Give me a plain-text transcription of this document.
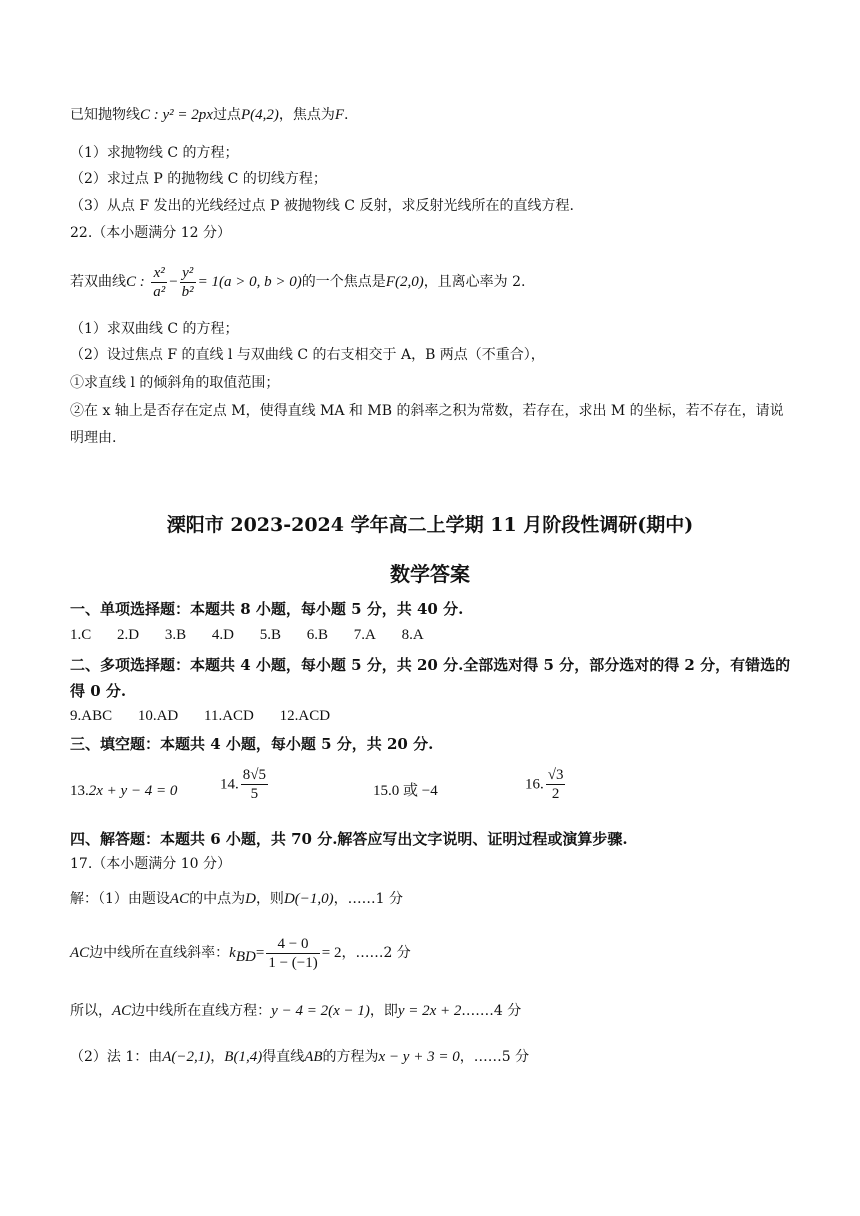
已知抛物线C : y² = 2px过点P(4,2)，焦点为F.
（1）求抛物线 C 的方程；
（2）求过点 P 的抛物线 C 的切线方程；
（3）从点 F 发出的光线经过点 P 被抛物线 C 反射，求反射光线所在的直线方程.
22.（本小题满分 12 分）
若双曲线C : $\frac{\text{x²}}{\text{a²}} - \frac{\text{y²}}{\text{b²}} = 1(a > 0$, b > 0)的一个焦点是F(2,0)，且离心率为 2.
（1）求双曲线 C 的方程；
（2）设过焦点 F 的直线 l 与双曲线 C 的右支相交于 A，B 两点（不重合），
①求直线 l 的倾斜角的取值范围；
②在 x 轴上是否存在定点 M，使得直线 MA 和 MB 的斜率之积为常数，若存在，求出 M 的坐标，若不存在，请说明理由.
溧阳市 2023-2024 学年高二上学期 11 月阶段性调研(期中)
数学答案
一、单项选择题：本题共 8 小题，每小题 5 分，共 40 分.
1.C 2.D 3.B 4.D 5.B 6.B 7.A 8.A
二、多项选择题：本题共 4 小题，每小题 5 分，共 20 分.全部选对得 5 分，部分选对的得 2 分，有错选的得 0 分.
9.ABC 10.AD 11.ACD 12.ACD
三、填空题：本题共 4 小题，每小题 5 分，共 20 分.
13.2x + y − 4 = 0	14. $\frac{8√5}{5}$	15.0 或 −4	16. $\frac{√3}{2}$
四、解答题：本题共 6 小题，共 70 分.解答应写出文字说明、证明过程或演算步骤.
17.（本小题满分 10 分）
解：（1）由题设AC的中点为D，则D(−1,0)，……1 分
AC边中线所在直线斜率：$k_{BD}= \frac{4 - 0}{1 - (-1)} = 2$，……2 分
所以，AC边中线所在直线方程：y − 4 = 2(x − 1)，即y = 2x + 2.……4 分
（2）法 1：由A(−2,1)，B(1,4)得直线AB的方程为x − y + 3 = 0，……5 分
